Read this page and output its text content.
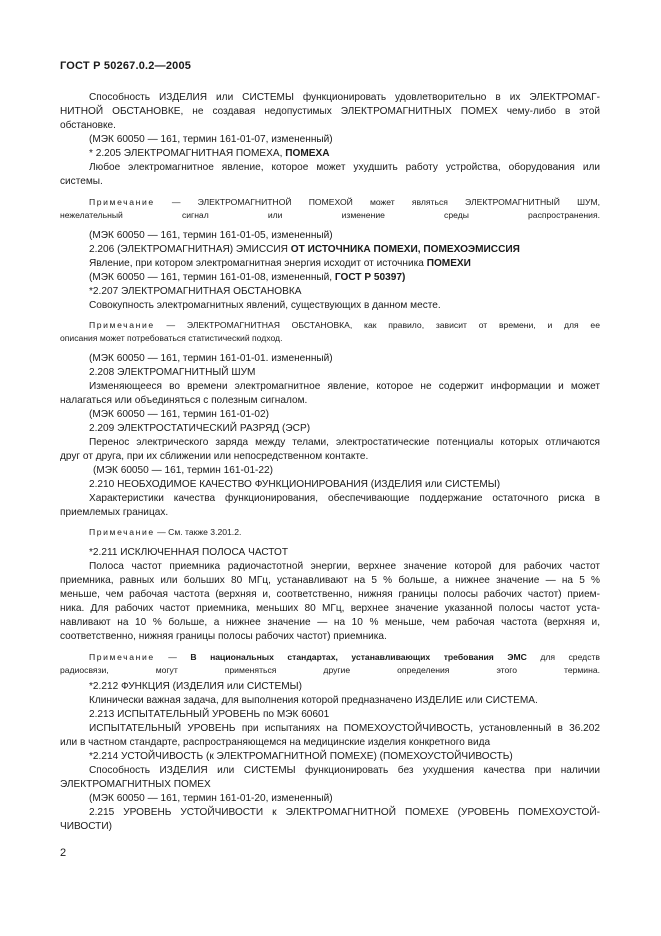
ГОСТ Р 50267.0.2—2005
Способность ИЗДЕЛИЯ или СИСТЕМЫ функционировать удовлетворительно в их ЭЛЕКТРОМАГ-
НИТНОЙ ОБСТАНОВКЕ, не создавая недопустимых ЭЛЕКТРОМАГНИТНЫХ ПОМЕХ чему-либо в этой
обстановке.
(МЭК 60050 — 161, термин 161-01-07, измененный)
* 2.205 ЭЛЕКТРОМАГНИТНАЯ ПОМЕХА, ПОМЕХА
Любое электромагнитное явление, которое может ухудшить работу устройства, оборудования или
системы.
Примечание — ЭЛЕКТРОМАГНИТНОЙ ПОМЕХОЙ может являться ЭЛЕКТРОМАГНИТНЫЙ ШУМ,
нежелательный сигнал или изменение среды распространения.
(МЭК 60050 — 161, термин 161-01-05, измененный)
2.206 (ЭЛЕКТРОМАГНИТНАЯ) ЭМИССИЯ ОТ ИСТОЧНИКА ПОМЕХИ, ПОМЕХОЭМИССИЯ
Явление, при котором электромагнитная энергия исходит от источника ПОМЕХИ
(МЭК 60050 — 161, термин 161-01-08, измененный, ГОСТ Р 50397)
*2.207 ЭЛЕКТРОМАГНИТНАЯ ОБСТАНОВКА
Совокупность электромагнитных явлений, существующих в данном месте.
Примечание — ЭЛЕКТРОМАГНИТНАЯ ОБСТАНОВКА, как правило, зависит от времени, и для ее
описания может потребоваться статистический подход.
(МЭК 60050 — 161, термин 161-01-01. измененный)
2.208 ЭЛЕКТРОМАГНИТНЫЙ ШУМ
Изменяющееся во времени электромагнитное явление, которое не содержит информации и может
налагаться или объединяться с полезным сигналом.
(МЭК 60050 — 161, термин 161-01-02)
2.209 ЭЛЕКТРОСТАТИЧЕСКИЙ РАЗРЯД (ЭСР)
Перенос электрического заряда между телами, электростатические потенциалы которых отличаются
друг от друга, при их сближении или непосредственном контакте.
(МЭК 60050 — 161, термин 161-01-22)
2.210 НЕОБХОДИМОЕ КАЧЕСТВО ФУНКЦИОНИРОВАНИЯ (ИЗДЕЛИЯ или СИСТЕМЫ)
Характеристики качества функционирования, обеспечивающие поддержание остаточного риска в
приемлемых границах.
Примечание — См. также 3.201.2.
*2.211 ИСКЛЮЧЕННАЯ ПОЛОСА ЧАСТОТ
Полоса частот приемника радиочастотной энергии, верхнее значение которой для рабочих частот
приемника, равных или больших 80 МГц, устанавливают на 5 % больше, а нижнее значение — на 5 %
меньше, чем рабочая частота (верхняя и, соответственно, нижняя границы полосы рабочих частот) прием-
ника. Для рабочих частот приемника, меньших 80 МГц, верхнее значение указанной полосы частот уста-
навливают на 10 % больше, а нижнее значение — на 10 % меньше, чем рабочая частота (верхняя и,
соответственно, нижняя границы полосы рабочих частот) приемника.
Примечание — В национальных стандартах, устанавливающих требования ЭМС для средств
радиосвязи, могут применяться другие определения этого термина.
*2.212 ФУНКЦИЯ (ИЗДЕЛИЯ или СИСТЕМЫ)
Клинически важная задача, для выполнения которой предназначено ИЗДЕЛИЕ или СИСТЕМА.
2.213 ИСПЫТАТЕЛЬНЫЙ УРОВЕНЬ по МЭК 60601
ИСПЫТАТЕЛЬНЫЙ УРОВЕНЬ при испытаниях на ПОМЕХОУСТОЙЧИВОСТЬ, установленный в 36.202
или в частном стандарте, распространяющемся на медицинские изделия конкретного вида
*2.214 УСТОЙЧИВОСТЬ (к ЭЛЕКТРОМАГНИТНОЙ ПОМЕХЕ) (ПОМЕХОУСТОЙЧИВОСТЬ)
Способность ИЗДЕЛИЯ или СИСТЕМЫ функционировать без ухудшения качества при наличии
ЭЛЕКТРОМАГНИТНЫХ ПОМЕХ
(МЭК 60050 — 161, термин 161-01-20, измененный)
2.215 УРОВЕНЬ УСТОЙЧИВОСТИ к ЭЛЕКТРОМАГНИТНОЙ ПОМЕХЕ (УРОВЕНЬ ПОМЕХОУСТОЙ-
ЧИВОСТИ)
2
